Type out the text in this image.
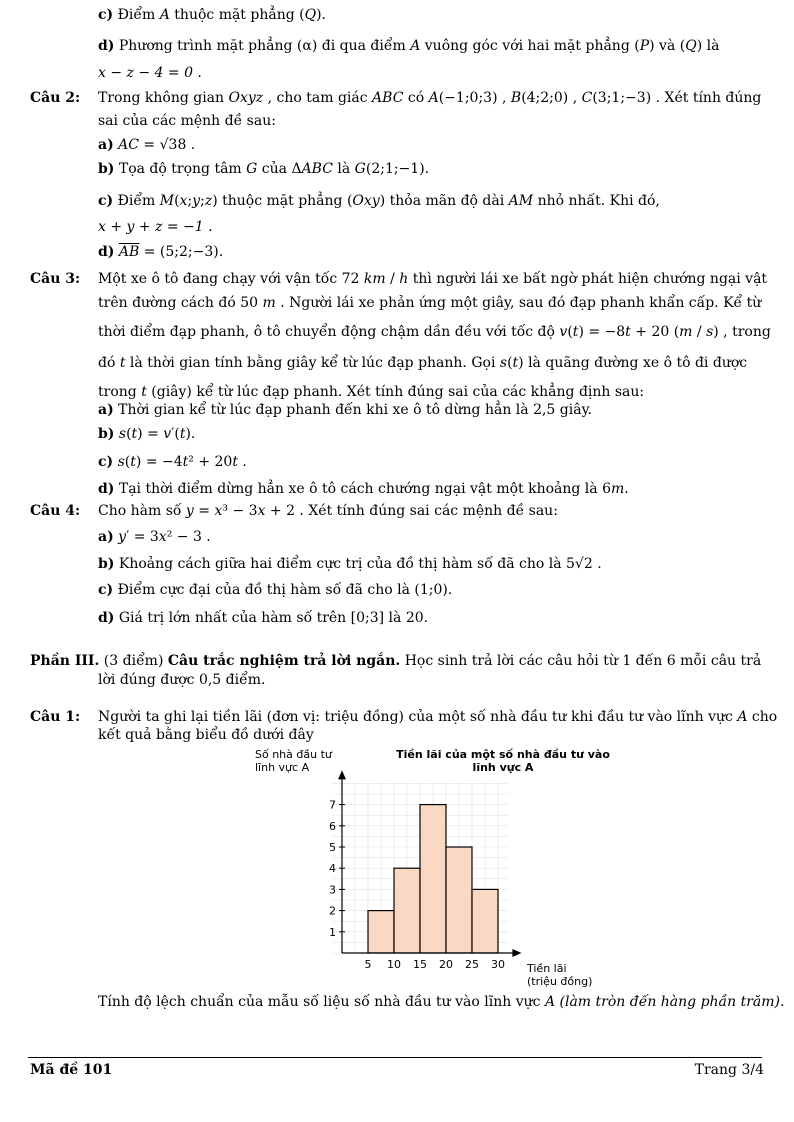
c) Điểm A thuộc mặt phẳng (Q).
d) Phương trình mặt phẳng (α) đi qua điểm A vuông góc với hai mặt phẳng (P) và (Q) là
x − z − 4 = 0 .
Câu 2: Trong không gian Oxyz , cho tam giác ABC có A(−1;0;3) , B(4;2;0) , C(3;1;−3) . Xét tính đúng
sai của các mệnh đề sau:
a) AC = √38 .
b) Tọa độ trọng tâm G của ΔABC là G(2;1;−1).
c) Điểm M(x;y;z) thuộc mặt phẳng (Oxy) thỏa mãn độ dài AM nhỏ nhất. Khi đó,
x + y + z = −1 .
d) $\overline{AB}$ = (5;2;−3).
Câu 3: Một xe ô tô đang chạy với vận tốc 72 km / h thì người lái xe bất ngờ phát hiện chướng ngại vật
trên đường cách đó 50 m . Người lái xe phản ứng một giây, sau đó đạp phanh khẩn cấp. Kể từ
thời điểm đạp phanh, ô tô chuyển động chậm dần đều với tốc độ v(t) = −8t + 20 (m / s) , trong
đó t là thời gian tính bằng giây kể từ lúc đạp phanh. Gọi s(t) là quãng đường xe ô tô đi được
trong t (giây) kể từ lúc đạp phanh. Xét tính đúng sai của các khẳng định sau:
a) Thời gian kể từ lúc đạp phanh đến khi xe ô tô dừng hẳn là 2,5 giây.
b) s(t) = v′(t).
c) s(t) = −4t² + 20t .
d) Tại thời điểm dừng hẳn xe ô tô cách chướng ngại vật một khoảng là 6m.
Câu 4: Cho hàm số y = x³ − 3x + 2 . Xét tính đúng sai các mệnh đề sau:
a) y′ = 3x² − 3 .
b) Khoảng cách giữa hai điểm cực trị của đồ thị hàm số đã cho là 5√2 .
c) Điểm cực đại của đồ thị hàm số đã cho là (1;0).
d) Giá trị lớn nhất của hàm số trên [0;3] là 20.
Phần III. (3 điểm) Câu trắc nghiệm trả lời ngắn. Học sinh trả lời các câu hỏi từ 1 đến 6 mỗi câu trả
lời đúng được 0,5 điểm.
Câu 1: Người ta ghi lại tiền lãi (đơn vị: triệu đồng) của một số nhà đầu tư khi đầu tư vào lĩnh vực A cho
kết quả bằng biểu đồ dưới đây
1
2
3
4
5
6
7
5 10 15 20 25 30
Số nhà đầu tư
lĩnh vực A
Tiền lãi của một số nhà đầu tư vào
lĩnh vực A
Tiền lãi
(triệu đồng)
Tính độ lệch chuẩn của mẫu số liệu số nhà đầu tư vào lĩnh vực A (làm tròn đến hàng phần trăm).
Mã đề 101	Trang 3/4
